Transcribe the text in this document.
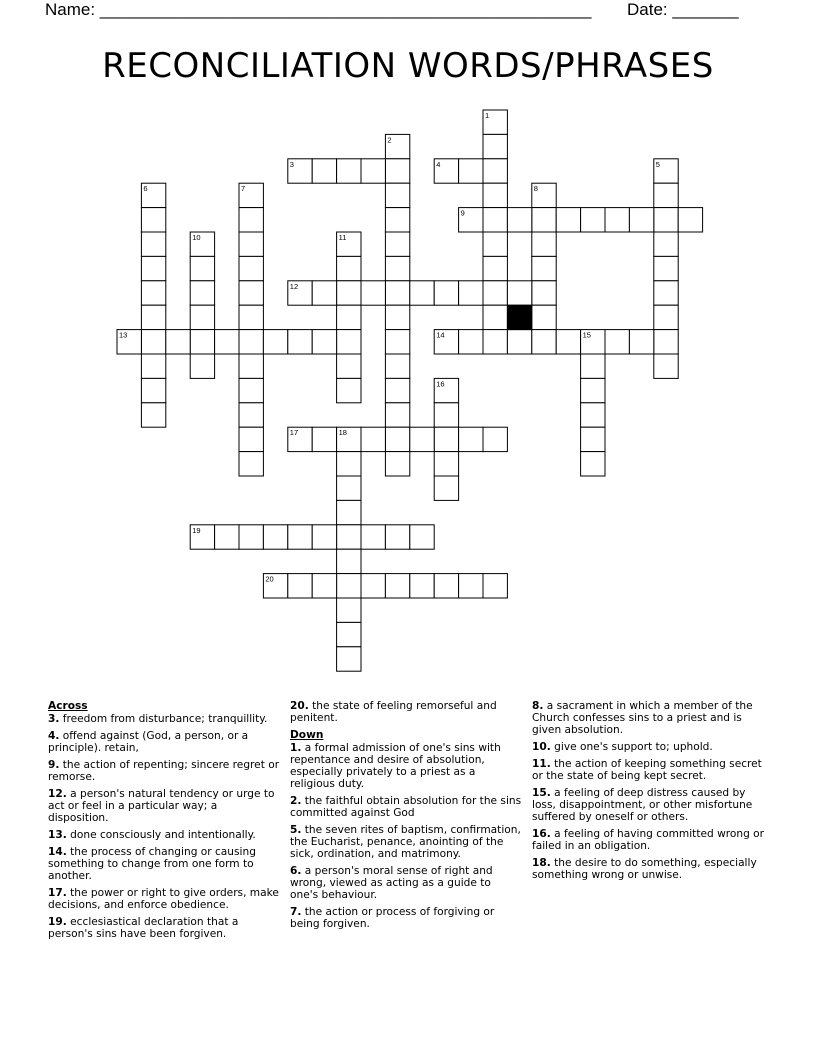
Name: ____________________________________________________ Date: _______
RECONCILIATION WORDS/PHRASES
1
2
3	4	5
6	7	8
9
10	11
12
13	14	15
16
17	18
19
20
Across
3. freedom from disturbance; tranquillity.
4. offend against (God, a person, or a principle). retain,
9. the action of repenting; sincere regret or remorse.
12. a person's natural tendency or urge to act or feel in a particular way; a disposition.
13. done consciously and intentionally.
14. the process of changing or causing something to change from one form to another.
17. the power or right to give orders, make decisions, and enforce obedience.
19. ecclesiastical declaration that a person's sins have been forgiven.
20. the state of feeling remorseful and penitent.
Down
1. a formal admission of one's sins with repentance and desire of absolution, especially privately to a priest as a religious duty.
2. the faithful obtain absolution for the sins committed against God
5. the seven rites of baptism, confirmation, the Eucharist, penance, anointing of the sick, ordination, and matrimony.
6. a person's moral sense of right and wrong, viewed as acting as a guide to one's behaviour.
7. the action or process of forgiving or being forgiven.
8. a sacrament in which a member of the Church confesses sins to a priest and is given absolution.
10. give one's support to; uphold.
11. the action of keeping something secret or the state of being kept secret.
15. a feeling of deep distress caused by loss, disappointment, or other misfortune suffered by oneself or others.
16. a feeling of having committed wrong or failed in an obligation.
18. the desire to do something, especially something wrong or unwise.
